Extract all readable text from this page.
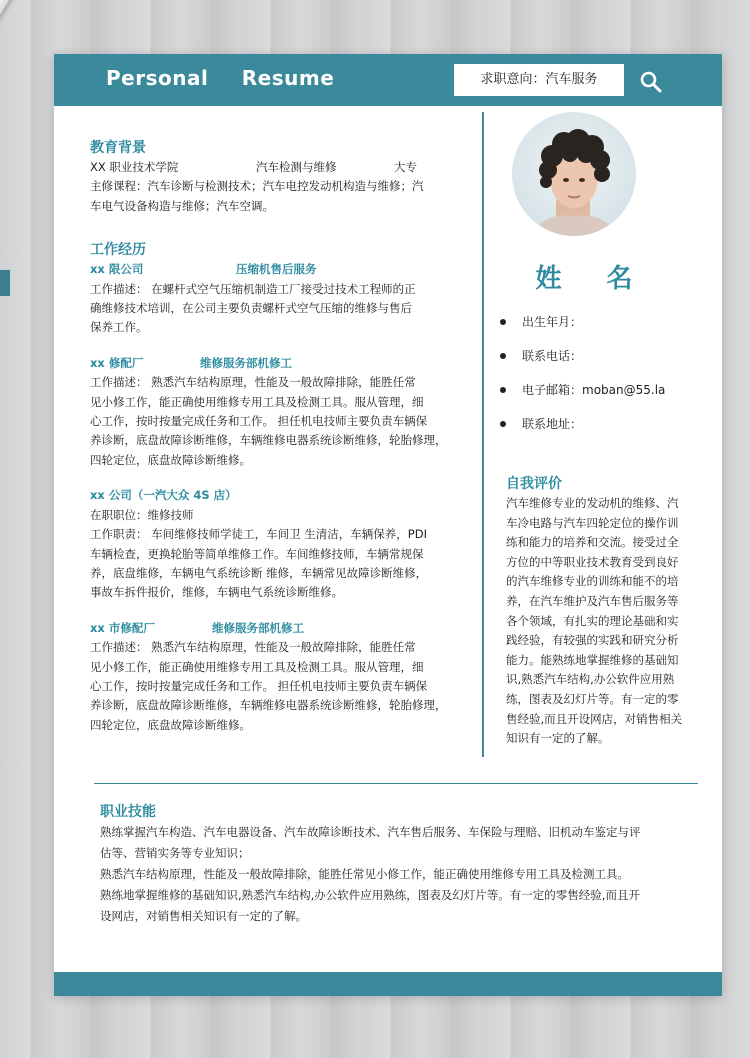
Personal Resume	求职意向：汽车服务

教育背景

XX 职业技术学院	汽车检测与维修	大专

主修课程：汽车诊断与检测技术；汽车电控发动机构造与维修；汽

车电气设备构造与维修；汽车空调。

工作经历

xx 限公司	压缩机售后服务

工作描述： 在螺杆式空气压缩机制造工厂接受过技术工程师的正

确维修技术培训，在公司主要负责螺杆式空气压缩的维修与售后

保养工作。

xx 修配厂	维修服务部机修工

工作描述： 熟悉汽车结构原理，性能及一般故障排除，能胜任常

见小修工作，能正确使用维修专用工具及检测工具。服从管理，细

心工作，按时按量完成任务和工作。 担任机电技师主要负责车辆保

养诊断，底盘故障诊断维修，车辆维修电器系统诊断维修，轮胎修理，

四轮定位，底盘故障诊断维修。

xx 公司（一汽大众 4S 店）

在职职位：维修技师

工作职责： 车间维修技师学徒工，车间卫 生清洁，车辆保养，PDI

车辆检查，更换轮胎等简单维修工作。车间维修技师，车辆常规保

养，底盘维修，车辆电气系统诊断 维修，车辆常见故障诊断维修，

事故车拆件报价，维修，车辆电气系统诊断维修。

xx 市修配厂	维修服务部机修工

工作描述： 熟悉汽车结构原理，性能及一般故障排除，能胜任常

见小修工作，能正确使用维修专用工具及检测工具。服从管理，细

心工作，按时按量完成任务和工作。 担任机电技师主要负责车辆保

养诊断，底盘故障诊断维修，车辆维修电器系统诊断维修，轮胎修理，

四轮定位，底盘故障诊断维修。

姓 名
出生年月：
联系电话：
电子邮箱：moban@55.la
联系地址：

自我评价

汽车维修专业的发动机的维修、汽

车冷电路与汽车四轮定位的操作训

练和能力的培养和交流。接受过全

方位的中等职业技术教育受到良好

的汽车维修专业的训练和能不的培

养，在汽车维护及汽车售后服务等

各个领域，有扎实的理论基础和实

践经验，有较强的实践和研究分析

能力。能熟练地掌握维修的基础知

识,熟悉汽车结构,办公软件应用熟

练，图表及幻灯片等。有一定的零

售经验,而且开设网店，对销售相关

知识有一定的了解。

职业技能

熟练掌握汽车构造、汽车电器设备、汽车故障诊断技术、汽车售后服务、车保险与理赔、旧机动车鉴定与评

估等、营销实务等专业知识；

熟悉汽车结构原理，性能及一般故障排除，能胜任常见小修工作，能正确使用维修专用工具及检测工具。

熟练地掌握维修的基础知识,熟悉汽车结构,办公软件应用熟练，图表及幻灯片等。有一定的零售经验,而且开

设网店，对销售相关知识有一定的了解。
